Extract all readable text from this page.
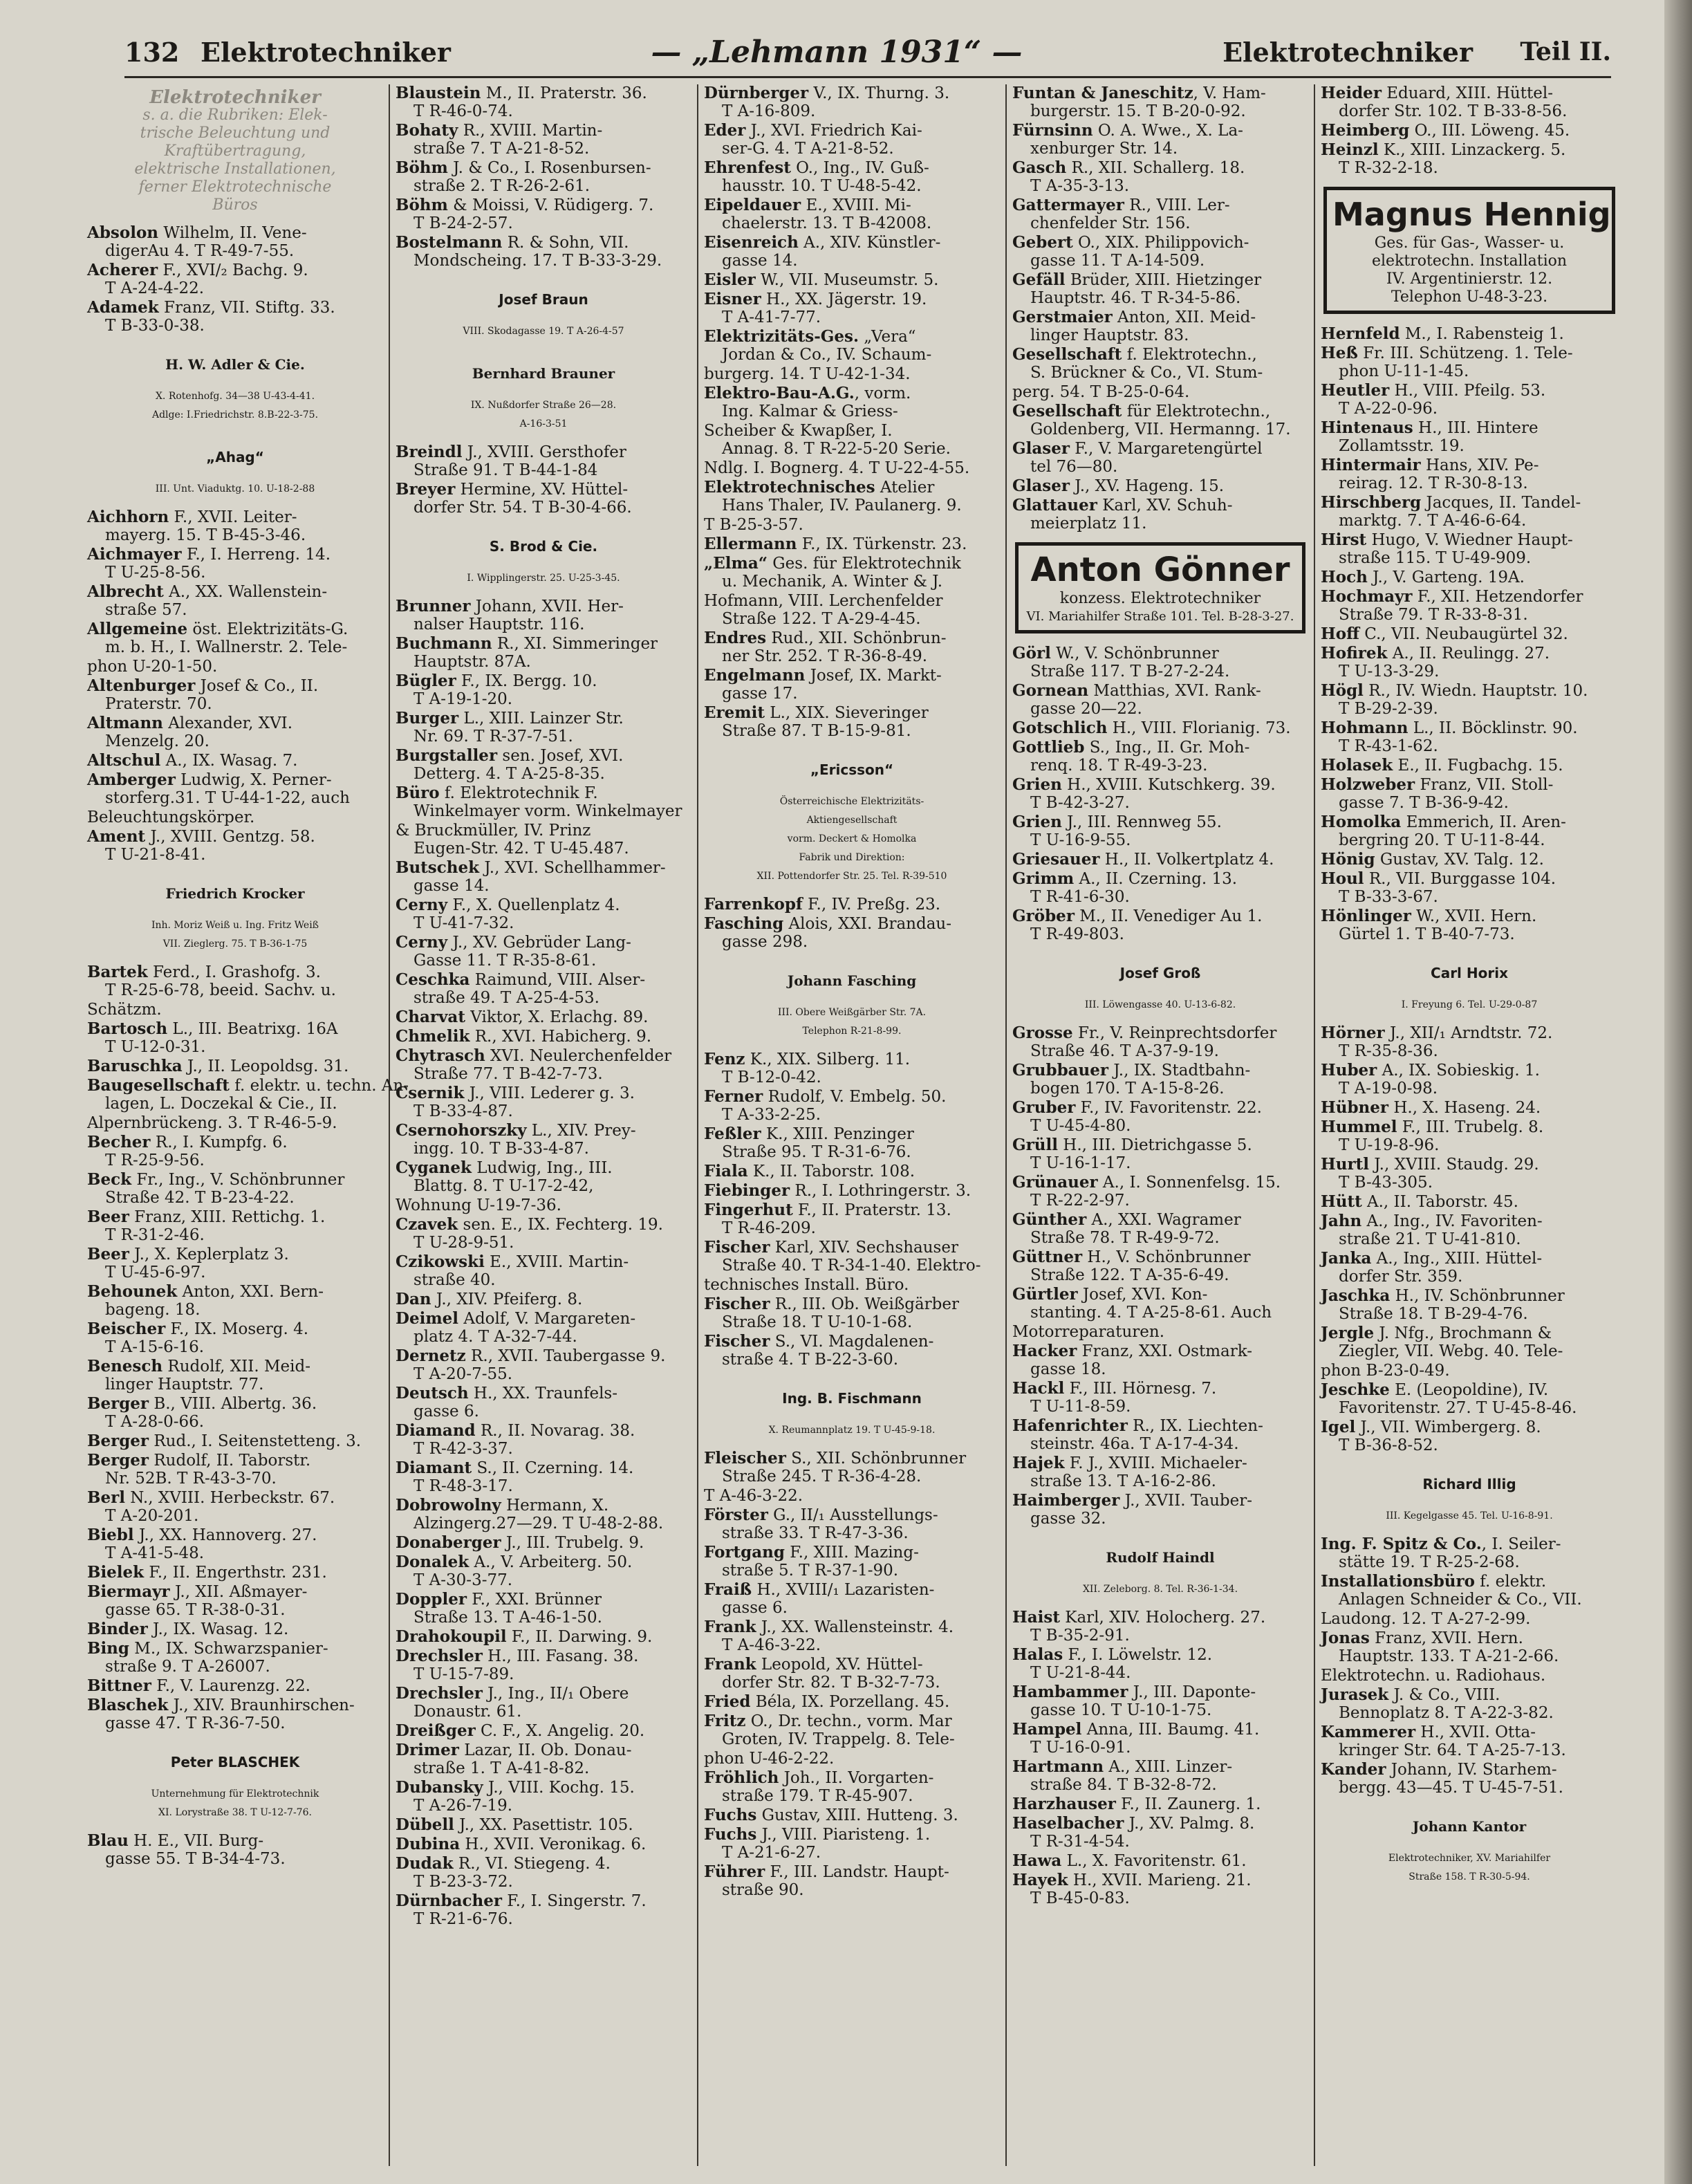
132 Elektrotechniker	— „Lehmann 1931“ —	Elektrotechniker	Teil II.
Elektrotechniker
s. a. die Rubriken: Elek-
trische Beleuchtung und
Kraftübertragung,
elektrische Installationen,
ferner Elektrotechnische
Büros
Absolon Wilhelm, II. Vene-
digerAu 4. T R-49-7-55.
Acherer F., XVI/₂ Bachg. 9.
T A-24-4-22.
Adamek Franz, VII. Stiftg. 33.
T B-33-0-38.
H. W. Adler & Cie.
X. Rotenhofg. 34—38 U-43-4-41.
Adlge: I.Friedrichstr. 8.B-22-3-75.
„Ahag“
III. Unt. Viaduktg. 10. U-18-2-88
Aichhorn F., XVII. Leiter-
mayerg. 15. T B-45-3-46.
Aichmayer F., I. Herreng. 14.
T U-25-8-56.
Albrecht A., XX. Wallenstein-
straße 57.
Allgemeine öst. Elektrizitäts-G.
m. b. H., I. Wallnerstr. 2. Tele-
phon U-20-1-50.
Altenburger Josef & Co., II.
Praterstr. 70.
Altmann Alexander, XVI.
Menzelg. 20.
Altschul A., IX. Wasag. 7.
Amberger Ludwig, X. Perner-
storferg.31. T U-44-1-22, auch
Beleuchtungskörper.
Ament J., XVIII. Gentzg. 58.
T U-21-8-41.
Friedrich Krocker
Inh. Moriz Weiß u. Ing. Fritz Weiß
VII. Zieglerg. 75. T B-36-1-75
Bartek Ferd., I. Grashofg. 3.
T R-25-6-78, beeid. Sachv. u.
Schätzm.
Bartosch L., III. Beatrixg. 16A
T U-12-0-31.
Baruschka J., II. Leopoldsg. 31.
Baugesellschaft f. elektr. u. techn. An-
lagen, L. Doczekal & Cie., II.
Alpernbrückeng. 3. T R-46-5-9.
Becher R., I. Kumpfg. 6.
T R-25-9-56.
Beck Fr., Ing., V. Schönbrunner
Straße 42. T B-23-4-22.
Beer Franz, XIII. Rettichg. 1.
T R-31-2-46.
Beer J., X. Keplerplatz 3.
T U-45-6-97.
Behounek Anton, XXI. Bern-
bageng. 18.
Beischer F., IX. Moserg. 4.
T A-15-6-16.
Benesch Rudolf, XII. Meid-
linger Hauptstr. 77.
Berger B., VIII. Albertg. 36.
T A-28-0-66.
Berger Rud., I. Seitenstetteng. 3.
Berger Rudolf, II. Taborstr.
Nr. 52B. T R-43-3-70.
Berl N., XVIII. Herbeckstr. 67.
T A-20-201.
Biebl J., XX. Hannoverg. 27.
T A-41-5-48.
Bielek F., II. Engerthstr. 231.
Biermayr J., XII. Aßmayer-
gasse 65. T R-38-0-31.
Binder J., IX. Wasag. 12.
Bing M., IX. Schwarzspanier-
straße 9. T A-26007.
Bittner F., V. Laurenzg. 22.
Blaschek J., XIV. Braunhirschen-
gasse 47. T R-36-7-50.
Peter BLASCHEK
Unternehmung für Elektrotechnik
XI. Lorystraße 38. T U-12-7-76.
Blau H. E., VII. Burg-
gasse 55. T B-34-4-73.
Blaustein M., II. Praterstr. 36.
T R-46-0-74.
Bohaty R., XVIII. Martin-
straße 7. T A-21-8-52.
Böhm J. & Co., I. Rosenbursen-
straße 2. T R-26-2-61.
Böhm & Moissi, V. Rüdigerg. 7.
T B-24-2-57.
Bostelmann R. & Sohn, VII.
Mondscheing. 17. T B-33-3-29.
Josef Braun
VIII. Skodagasse 19. T A-26-4-57
Bernhard Brauner
IX. Nußdorfer Straße 26—28.
A-16-3-51
Breindl J., XVIII. Gersthofer
Straße 91. T B-44-1-84
Breyer Hermine, XV. Hüttel-
dorfer Str. 54. T B-30-4-66.
S. Brod & Cie.
I. Wipplingerstr. 25. U-25-3-45.
Brunner Johann, XVII. Her-
nalser Hauptstr. 116.
Buchmann R., XI. Simmeringer
Hauptstr. 87A.
Bügler F., IX. Bergg. 10.
T A-19-1-20.
Burger L., XIII. Lainzer Str.
Nr. 69. T R-37-7-51.
Burgstaller sen. Josef, XVI.
Detterg. 4. T A-25-8-35.
Büro f. Elektrotechnik F.
Winkelmayer vorm. Winkelmayer
& Bruckmüller, IV. Prinz
Eugen-Str. 42. T U-45.487.
Butschek J., XVI. Schellhammer-
gasse 14.
Cerny F., X. Quellenplatz 4.
T U-41-7-32.
Cerny J., XV. Gebrüder Lang-
Gasse 11. T R-35-8-61.
Ceschka Raimund, VIII. Alser-
straße 49. T A-25-4-53.
Charvat Viktor, X. Erlachg. 89.
Chmelik R., XVI. Habicherg. 9.
Chytrasch XVI. Neulerchenfelder
Straße 77. T B-42-7-73.
Csernik J., VIII. Lederer g. 3.
T B-33-4-87.
Csernohorszky L., XIV. Prey-
ingg. 10. T B-33-4-87.
Cyganek Ludwig, Ing., III.
Blattg. 8. T U-17-2-42,
Wohnung U-19-7-36.
Czavek sen. E., IX. Fechterg. 19.
T U-28-9-51.
Czikowski E., XVIII. Martin-
straße 40.
Dan J., XIV. Pfeiferg. 8.
Deimel Adolf, V. Margareten-
platz 4. T A-32-7-44.
Dernetz R., XVII. Taubergasse 9.
T A-20-7-55.
Deutsch H., XX. Traunfels-
gasse 6.
Diamand R., II. Novarag. 38.
T R-42-3-37.
Diamant S., II. Czerning. 14.
T R-48-3-17.
Dobrowolny Hermann, X.
Alzingerg.27—29. T U-48-2-88.
Donaberger J., III. Trubelg. 9.
Donalek A., V. Arbeiterg. 50.
T A-30-3-77.
Doppler F., XXI. Brünner
Straße 13. T A-46-1-50.
Drahokoupil F., II. Darwing. 9.
Drechsler H., III. Fasang. 38.
T U-15-7-89.
Drechsler J., Ing., II/₁ Obere
Donaustr. 61.
Dreißger C. F., X. Angelig. 20.
Drimer Lazar, II. Ob. Donau-
straße 1. T A-41-8-82.
Dubansky J., VIII. Kochg. 15.
T A-26-7-19.
Dübell J., XX. Pasettistr. 105.
Dubina H., XVII. Veronikag. 6.
Dudak R., VI. Stiegeng. 4.
T B-23-3-72.
Dürnbacher F., I. Singerstr. 7.
T R-21-6-76.
Dürnberger V., IX. Thurng. 3.
T A-16-809.
Eder J., XVI. Friedrich Kai-
ser-G. 4. T A-21-8-52.
Ehrenfest O., Ing., IV. Guß-
hausstr. 10. T U-48-5-42.
Eipeldauer E., XVIII. Mi-
chaelerstr. 13. T B-42008.
Eisenreich A., XIV. Künstler-
gasse 14.
Eisler W., VII. Museumstr. 5.
Eisner H., XX. Jägerstr. 19.
T A-41-7-77.
Elektrizitäts-Ges. „Vera“
Jordan & Co., IV. Schaum-
burgerg. 14. T U-42-1-34.
Elektro-Bau-A.G., vorm.
Ing. Kalmar & Griess-
Scheiber & Kwapßer, I.
Annag. 8. T R-22-5-20 Serie.
Ndlg. I. Bognerg. 4. T U-22-4-55.
Elektrotechnisches Atelier
Hans Thaler, IV. Paulanerg. 9.
T B-25-3-57.
Ellermann F., IX. Türkenstr. 23.
„Elma“ Ges. für Elektrotechnik
u. Mechanik, A. Winter & J.
Hofmann, VIII. Lerchenfelder
Straße 122. T A-29-4-45.
Endres Rud., XII. Schönbrun-
ner Str. 252. T R-36-8-49.
Engelmann Josef, IX. Markt-
gasse 17.
Eremit L., XIX. Sieveringer
Straße 87. T B-15-9-81.
„Ericsson“
Österreichische Elektrizitäts-
Aktiengesellschaft
vorm. Deckert & Homolka
Fabrik und Direktion:
XII. Pottendorfer Str. 25. Tel. R-39-510
Farrenkopf F., IV. Preßg. 23.
Fasching Alois, XXI. Brandau-
gasse 298.
Johann Fasching
III. Obere Weißgärber Str. 7A.
Telephon R-21-8-99.
Fenz K., XIX. Silberg. 11.
T B-12-0-42.
Ferner Rudolf, V. Embelg. 50.
T A-33-2-25.
Feßler K., XIII. Penzinger
Straße 95. T R-31-6-76.
Fiala K., II. Taborstr. 108.
Fiebinger R., I. Lothringerstr. 3.
Fingerhut F., II. Praterstr. 13.
T R-46-209.
Fischer Karl, XIV. Sechshauser
Straße 40. T R-34-1-40. Elektro-
technisches Install. Büro.
Fischer R., III. Ob. Weißgärber
Straße 18. T U-10-1-68.
Fischer S., VI. Magdalenen-
straße 4. T B-22-3-60.
Ing. B. Fischmann
X. Reumannplatz 19. T U-45-9-18.
Fleischer S., XII. Schönbrunner
Straße 245. T R-36-4-28.
T A-46-3-22.
Förster G., II/₁ Ausstellungs-
straße 33. T R-47-3-36.
Fortgang F., XIII. Mazing-
straße 5. T R-37-1-90.
Fraiß H., XVIII/₁ Lazaristen-
gasse 6.
Frank J., XX. Wallensteinstr. 4.
T A-46-3-22.
Frank Leopold, XV. Hüttel-
dorfer Str. 82. T B-32-7-73.
Fried Béla, IX. Porzellang. 45.
Fritz O., Dr. techn., vorm. Mar
Groten, IV. Trappelg. 8. Tele-
phon U-46-2-22.
Fröhlich Joh., II. Vorgarten-
straße 179. T R-45-907.
Fuchs Gustav, XIII. Hutteng. 3.
Fuchs J., VIII. Piaristeng. 1.
T A-21-6-27.
Führer F., III. Landstr. Haupt-
straße 90.
Funtan & Janeschitz, V. Ham-
burgerstr. 15. T B-20-0-92.
Fürnsinn O. A. Wwe., X. La-
xenburger Str. 14.
Gasch R., XII. Schallerg. 18.
T A-35-3-13.
Gattermayer R., VIII. Ler-
chenfelder Str. 156.
Gebert O., XIX. Philippovich-
gasse 11. T A-14-509.
Gefäll Brüder, XIII. Hietzinger
Hauptstr. 46. T R-34-5-86.
Gerstmaier Anton, XII. Meid-
linger Hauptstr. 83.
Gesellschaft f. Elektrotechn.,
S. Brückner & Co., VI. Stum-
perg. 54. T B-25-0-64.
Gesellschaft für Elektrotechn.,
Goldenberg, VII. Hermanng. 17.
Glaser F., V. Margaretengürtel
tel 76—80.
Glaser J., XV. Hageng. 15.
Glattauer Karl, XV. Schuh-
meierplatz 11.
Anton Gönner
konzess. Elektrotechniker
VI. Mariahilfer Straße 101. Tel. B-28-3-27.
Görl W., V. Schönbrunner
Straße 117. T B-27-2-24.
Gornean Matthias, XVI. Rank-
gasse 20—22.
Gotschlich H., VIII. Florianig. 73.
Gottlieb S., Ing., II. Gr. Moh-
renq. 18. T R-49-3-23.
Grien H., XVIII. Kutschkerg. 39.
T B-42-3-27.
Grien J., III. Rennweg 55.
T U-16-9-55.
Griesauer H., II. Volkertplatz 4.
Grimm A., II. Czerning. 13.
T R-41-6-30.
Gröber M., II. Venediger Au 1.
T R-49-803.
Josef Groß
III. Löwengasse 40. U-13-6-82.
Grosse Fr., V. Reinprechtsdorfer
Straße 46. T A-37-9-19.
Grubbauer J., IX. Stadtbahn-
bogen 170. T A-15-8-26.
Gruber F., IV. Favoritenstr. 22.
T U-45-4-80.
Grüll H., III. Dietrichgasse 5.
T U-16-1-17.
Grünauer A., I. Sonnenfelsg. 15.
T R-22-2-97.
Günther A., XXI. Wagramer
Straße 78. T R-49-9-72.
Güttner H., V. Schönbrunner
Straße 122. T A-35-6-49.
Gürtler Josef, XVI. Kon-
stanting. 4. T A-25-8-61. Auch
Motorreparaturen.
Hacker Franz, XXI. Ostmark-
gasse 18.
Hackl F., III. Hörnesg. 7.
T U-11-8-59.
Hafenrichter R., IX. Liechten-
steinstr. 46a. T A-17-4-34.
Hajek F. J., XVIII. Michaeler-
straße 13. T A-16-2-86.
Haimberger J., XVII. Tauber-
gasse 32.
Rudolf Haindl
XII. Zeleborg. 8. Tel. R-36-1-34.
Haist Karl, XIV. Holocherg. 27.
T B-35-2-91.
Halas F., I. Löwelstr. 12.
T U-21-8-44.
Hambammer J., III. Daponte-
gasse 10. T U-10-1-75.
Hampel Anna, III. Baumg. 41.
T U-16-0-91.
Hartmann A., XIII. Linzer-
straße 84. T B-32-8-72.
Harzhauser F., II. Zaunerg. 1.
Haselbacher J., XV. Palmg. 8.
T R-31-4-54.
Hawa L., X. Favoritenstr. 61.
Hayek H., XVII. Marieng. 21.
T B-45-0-83.
Heider Eduard, XIII. Hüttel-
dorfer Str. 102. T B-33-8-56.
Heimberg O., III. Löweng. 45.
Heinzl K., XIII. Linzackerg. 5.
T R-32-2-18.
Magnus Hennig
Ges. für Gas-, Wasser- u.
elektrotechn. Installation
IV. Argentinierstr. 12.
Telephon U-48-3-23.
Hernfeld M., I. Rabensteig 1.
Heß Fr. III. Schützeng. 1. Tele-
phon U-11-1-45.
Heutler H., VIII. Pfeilg. 53.
T A-22-0-96.
Hintenaus H., III. Hintere
Zollamtsstr. 19.
Hintermair Hans, XIV. Pe-
reirag. 12. T R-30-8-13.
Hirschberg Jacques, II. Tandel-
marktg. 7. T A-46-6-64.
Hirst Hugo, V. Wiedner Haupt-
straße 115. T U-49-909.
Hoch J., V. Garteng. 19A.
Hochmayr F., XII. Hetzendorfer
Straße 79. T R-33-8-31.
Hoff C., VII. Neubaugürtel 32.
Hofirek A., II. Reulingg. 27.
T U-13-3-29.
Högl R., IV. Wiedn. Hauptstr. 10.
T B-29-2-39.
Hohmann L., II. Böcklinstr. 90.
T R-43-1-62.
Holasek E., II. Fugbachg. 15.
Holzweber Franz, VII. Stoll-
gasse 7. T B-36-9-42.
Homolka Emmerich, II. Aren-
bergring 20. T U-11-8-44.
Hönig Gustav, XV. Talg. 12.
Houl R., VII. Burggasse 104.
T B-33-3-67.
Hönlinger W., XVII. Hern.
Gürtel 1. T B-40-7-73.
Carl Horix
I. Freyung 6. Tel. U-29-0-87
Hörner J., XII/₁ Arndtstr. 72.
T R-35-8-36.
Huber A., IX. Sobieskig. 1.
T A-19-0-98.
Hübner H., X. Haseng. 24.
Hummel F., III. Trubelg. 8.
T U-19-8-96.
Hurtl J., XVIII. Staudg. 29.
T B-43-305.
Hütt A., II. Taborstr. 45.
Jahn A., Ing., IV. Favoriten-
straße 21. T U-41-810.
Janka A., Ing., XIII. Hüttel-
dorfer Str. 359.
Jaschka H., IV. Schönbrunner
Straße 18. T B-29-4-76.
Jergle J. Nfg., Brochmann &
Ziegler, VII. Webg. 40. Tele-
phon B-23-0-49.
Jeschke E. (Leopoldine), IV.
Favoritenstr. 27. T U-45-8-46.
Igel J., VII. Wimbergerg. 8.
T B-36-8-52.
Richard Illig
III. Kegelgasse 45. Tel. U-16-8-91.
Ing. F. Spitz & Co., I. Seiler-
stätte 19. T R-25-2-68.
Installationsbüro f. elektr.
Anlagen Schneider & Co., VII.
Laudong. 12. T A-27-2-99.
Jonas Franz, XVII. Hern.
Hauptstr. 133. T A-21-2-66.
Elektrotechn. u. Radiohaus.
Jurasek J. & Co., VIII.
Bennoplatz 8. T A-22-3-82.
Kammerer H., XVII. Otta-
kringer Str. 64. T A-25-7-13.
Kander Johann, IV. Starhem-
bergg. 43—45. T U-45-7-51.
Johann Kantor
Elektrotechniker, XV. Mariahilfer
Straße 158. T R-30-5-94.
